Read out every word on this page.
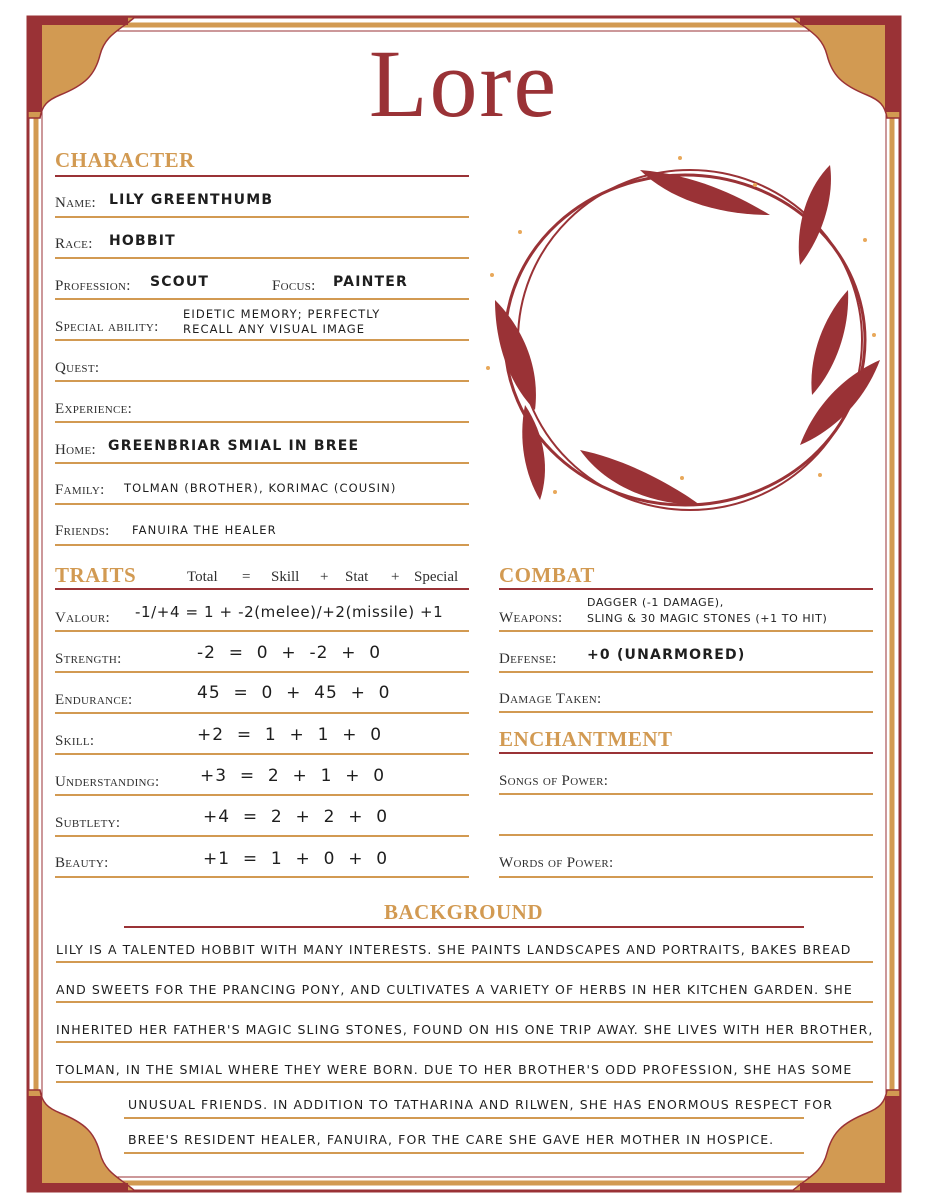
Lore
CHARACTER
Name: LILY GREENTHUMB
Race: HOBBIT
Profession: SCOUT	Focus: PAINTER
Special ability:
EIDETIC MEMORY; PERFECTLY
RECALL ANY VISUAL IMAGE
Quest:
Experience:
Home: GREENBRIAR SMIAL IN BREE
Family: TOLMAN (BROTHER), KORIMAC (COUSIN)
Friends: FANUIRA THE HEALER
TRAITS	Total = Skill + Stat + Special
Valour: -1/+4 = 1 + -2(melee)/+2(missile) +1
Strength:	-2  =  0  +  -2  +  0
Endurance:	45  =  0  +  45  +  0
Skill:	+2  =  1  +  1  +  0
Understanding: +3  =  2  +  1  +  0
Subtlety:	+4  =  2  +  2  +  0
Beauty:	+1  =  1  +  0  +  0
COMBAT
Weapons:
DAGGER (-1 DAMAGE),
SLING & 30 MAGIC STONES (+1 TO HIT)
Defense: +0 (UNARMORED)
Damage Taken:
ENCHANTMENT
Songs of Power:
Words of Power:
BACKGROUND
LILY IS A TALENTED HOBBIT WITH MANY INTERESTS. SHE PAINTS LANDSCAPES AND PORTRAITS, BAKES BREAD
AND SWEETS FOR THE PRANCING PONY, AND CULTIVATES A VARIETY OF HERBS IN HER KITCHEN GARDEN. SHE
INHERITED HER FATHER'S MAGIC SLING STONES, FOUND ON HIS ONE TRIP AWAY. SHE LIVES WITH HER BROTHER,
TOLMAN, IN THE SMIAL WHERE THEY WERE BORN. DUE TO HER BROTHER'S ODD PROFESSION, SHE HAS SOME
UNUSUAL FRIENDS. IN ADDITION TO TATHARINA AND RILWEN, SHE HAS ENORMOUS RESPECT FOR
BREE'S RESIDENT HEALER, FANUIRA, FOR THE CARE SHE GAVE HER MOTHER IN HOSPICE.
